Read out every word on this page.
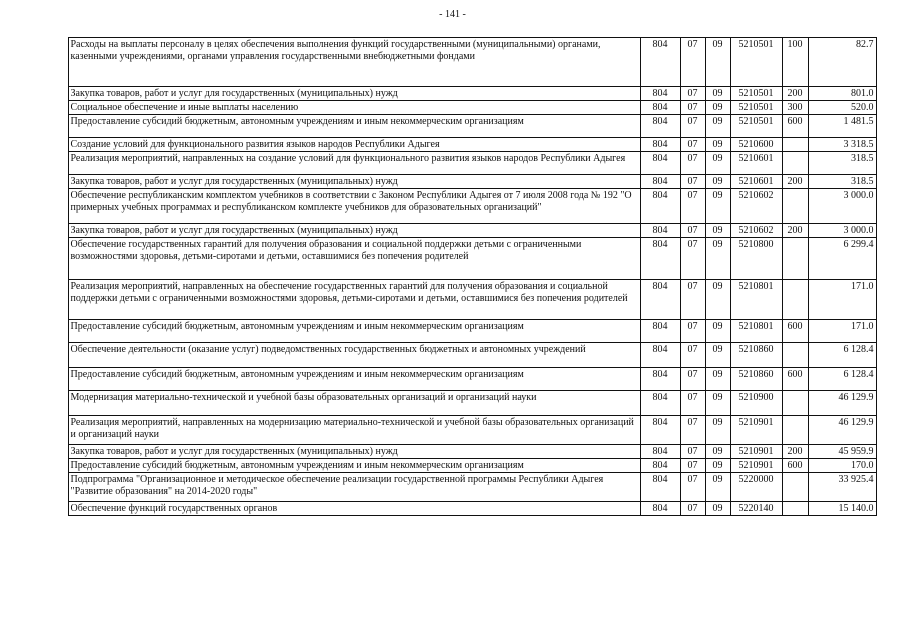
- 141 -
	Расходы на выплаты персоналу в целях обеспечения выполнения функций государственными (муниципальными) органами, казенными учреждениями, органами управления государственными внебюджетными фондами	804	07	09	5210501	100	82.7
	Закупка товаров, работ и услуг для государственных (муниципальных) нужд	804	07	09	5210501	200	801.0
	Социальное обеспечение и иные выплаты населению	804	07	09	5210501	300	520.0
	Предоставление субсидий бюджетным, автономным учреждениям и иным некоммерческим организациям	804	07	09	5210501	600	1 481.5
	Создание условий для функционального развития языков народов Республики Адыгея	804	07	09	5210600		3 318.5
	Реализация мероприятий, направленных на создание условий для функционального развития языков народов Республики Адыгея	804	07	09	5210601		318.5
	Закупка товаров, работ и услуг для государственных (муниципальных) нужд	804	07	09	5210601	200	318.5
	Обеспечение республиканским комплектом учебников в соответствии с Законом Республики Адыгея от 7 июля 2008 года № 192 "О примерных учебных программах и республиканском комплекте учебников для образовательных организаций"	804	07	09	5210602		3 000.0
	Закупка товаров, работ и услуг для государственных (муниципальных) нужд	804	07	09	5210602	200	3 000.0
	Обеспечение государственных гарантий для получения образования и социальной поддержки детьми с ограниченными возможностями здоровья, детьми-сиротами и детьми, оставшимися без попечения родителей	804	07	09	5210800		6 299.4
	Реализация мероприятий, направленных на обеспечение государственных гарантий для получения образования и социальной поддержки детьми с ограниченными возможностями здоровья, детьми-сиротами и детьми, оставшимися без попечения родителей	804	07	09	5210801		171.0
	Предоставление субсидий бюджетным, автономным учреждениям и иным некоммерческим организациям	804	07	09	5210801	600	171.0
	Обеспечение деятельности (оказание услуг) подведомственных государственных бюджетных и автономных учреждений	804	07	09	5210860		6 128.4
	Предоставление субсидий бюджетным, автономным учреждениям и иным некоммерческим организациям	804	07	09	5210860	600	6 128.4
	Модернизация материально-технической и учебной базы образовательных организаций и организаций науки	804	07	09	5210900		46 129.9
	Реализация мероприятий, направленных на модернизацию материально-технической и учебной базы образовательных организаций и организаций науки	804	07	09	5210901		46 129.9
	Закупка товаров, работ и услуг для государственных (муниципальных) нужд	804	07	09	5210901	200	45 959.9
	Предоставление субсидий бюджетным, автономным учреждениям и иным некоммерческим организациям	804	07	09	5210901	600	170.0
	Подпрограмма "Организационное и методическое обеспечение реализации государственной программы Республики Адыгея "Развитие образования" на 2014-2020 годы"	804	07	09	5220000		33 925.4
	Обеспечение функций государственных органов	804	07	09	5220140		15 140.0
